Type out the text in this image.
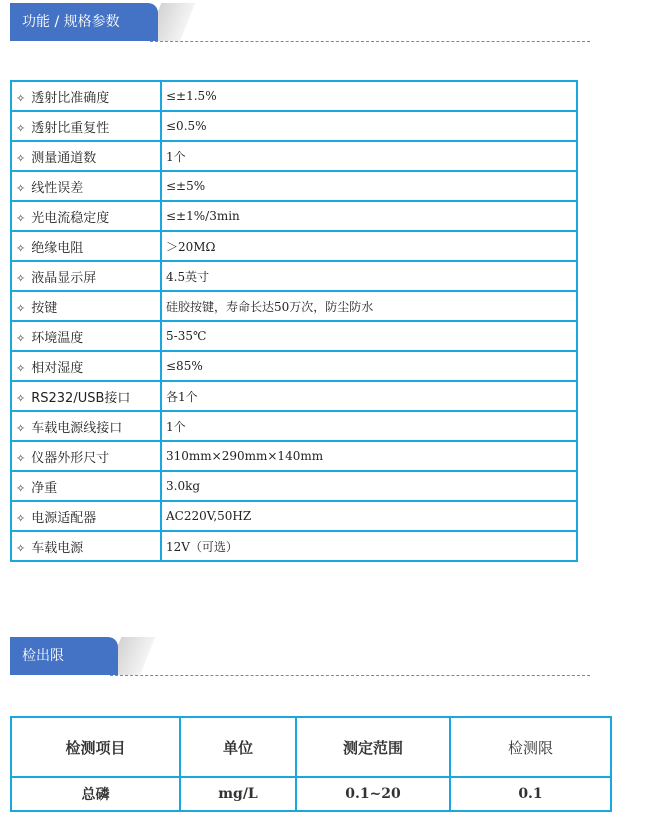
功能 / 规格参数
✧ 透射比准确度	≤±1.5%
✧ 透射比重复性	≤0.5%
✧ 测量通道数	1个
✧ 线性误差	≤±5%
✧ 光电流稳定度	≤±1%/3min
✧ 绝缘电阻	＞20MΩ
✧ 液晶显示屏	4.5英寸
✧ 按键	硅胶按键，寿命长达50万次，防尘防水
✧ 环境温度	5-35℃
✧ 相对湿度	≤85%
✧ RS232/USB接口	各1个
✧ 车载电源线接口	1个
✧ 仪器外形尺寸	310mm×290mm×140mm
✧ 净重	3.0kg
✧ 电源适配器	AC220V,50HZ
✧ 车载电源	12V（可选）
检出限
检测项目	单位	测定范围	检测限
总磷	mg/L	0.1~20	0.1
